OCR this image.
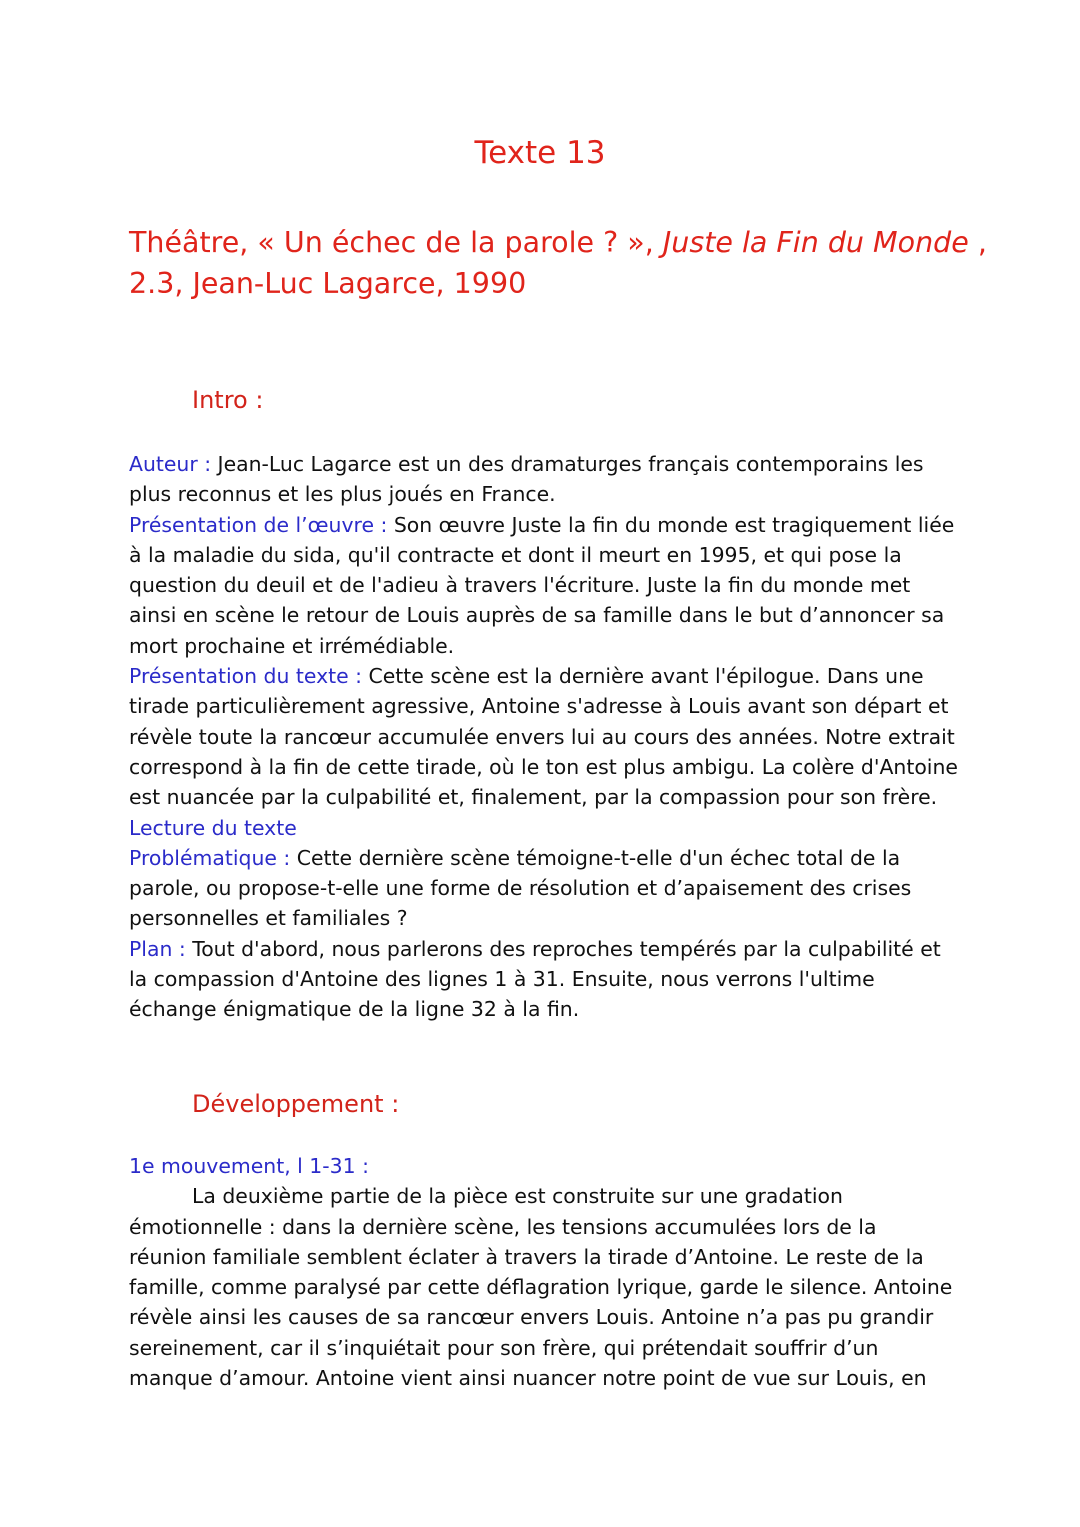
Texte 13
Théâtre, « Un échec de la parole ? », Juste la Fin du Monde ,
2.3, Jean-Luc Lagarce, 1990
Intro :

Auteur : Jean-Luc Lagarce est un des dramaturges français contemporains les plus reconnus et les plus joués en France.

Présentation de l’œuvre : Son œuvre Juste la fin du monde est tragiquement liée à la maladie du sida, qu'il contracte et dont il meurt en 1995, et qui pose la question du deuil et de l'adieu à travers l'écriture. Juste la fin du monde met ainsi en scène le retour de Louis auprès de sa famille dans le but d’annoncer sa mort prochaine et irrémédiable.

Présentation du texte : Cette scène est la dernière avant l'épilogue. Dans une tirade particulièrement agressive, Antoine s'adresse à Louis avant son départ et révèle toute la rancœur accumulée envers lui au cours des années. Notre extrait correspond à la fin de cette tirade, où le ton est plus ambigu. La colère d'Antoine est nuancée par la culpabilité et, finalement, par la compassion pour son frère.

Lecture du texte

Problématique : Cette dernière scène témoigne-t-elle d'un échec total de la parole, ou propose-t-elle une forme de résolution et d’apaisement des crises personnelles et familiales ?

Plan : Tout d'abord, nous parlerons des reproches tempérés par la culpabilité et la compassion d'Antoine des lignes 1 à 31. Ensuite, nous verrons l'ultime échange énigmatique de la ligne 32 à la fin.

Développement :

1e mouvement, l 1-31 :

La deuxième partie de la pièce est construite sur une gradation émotionnelle : dans la dernière scène, les tensions accumulées lors de la réunion familiale semblent éclater à travers la tirade d’Antoine. Le reste de la famille, comme paralysé par cette déflagration lyrique, garde le silence. Antoine révèle ainsi les causes de sa rancœur envers Louis. Antoine n’a pas pu grandir sereinement, car il s’inquiétait pour son frère, qui prétendait souffrir d’un manque d’amour. Antoine vient ainsi nuancer notre point de vue sur Louis, en
